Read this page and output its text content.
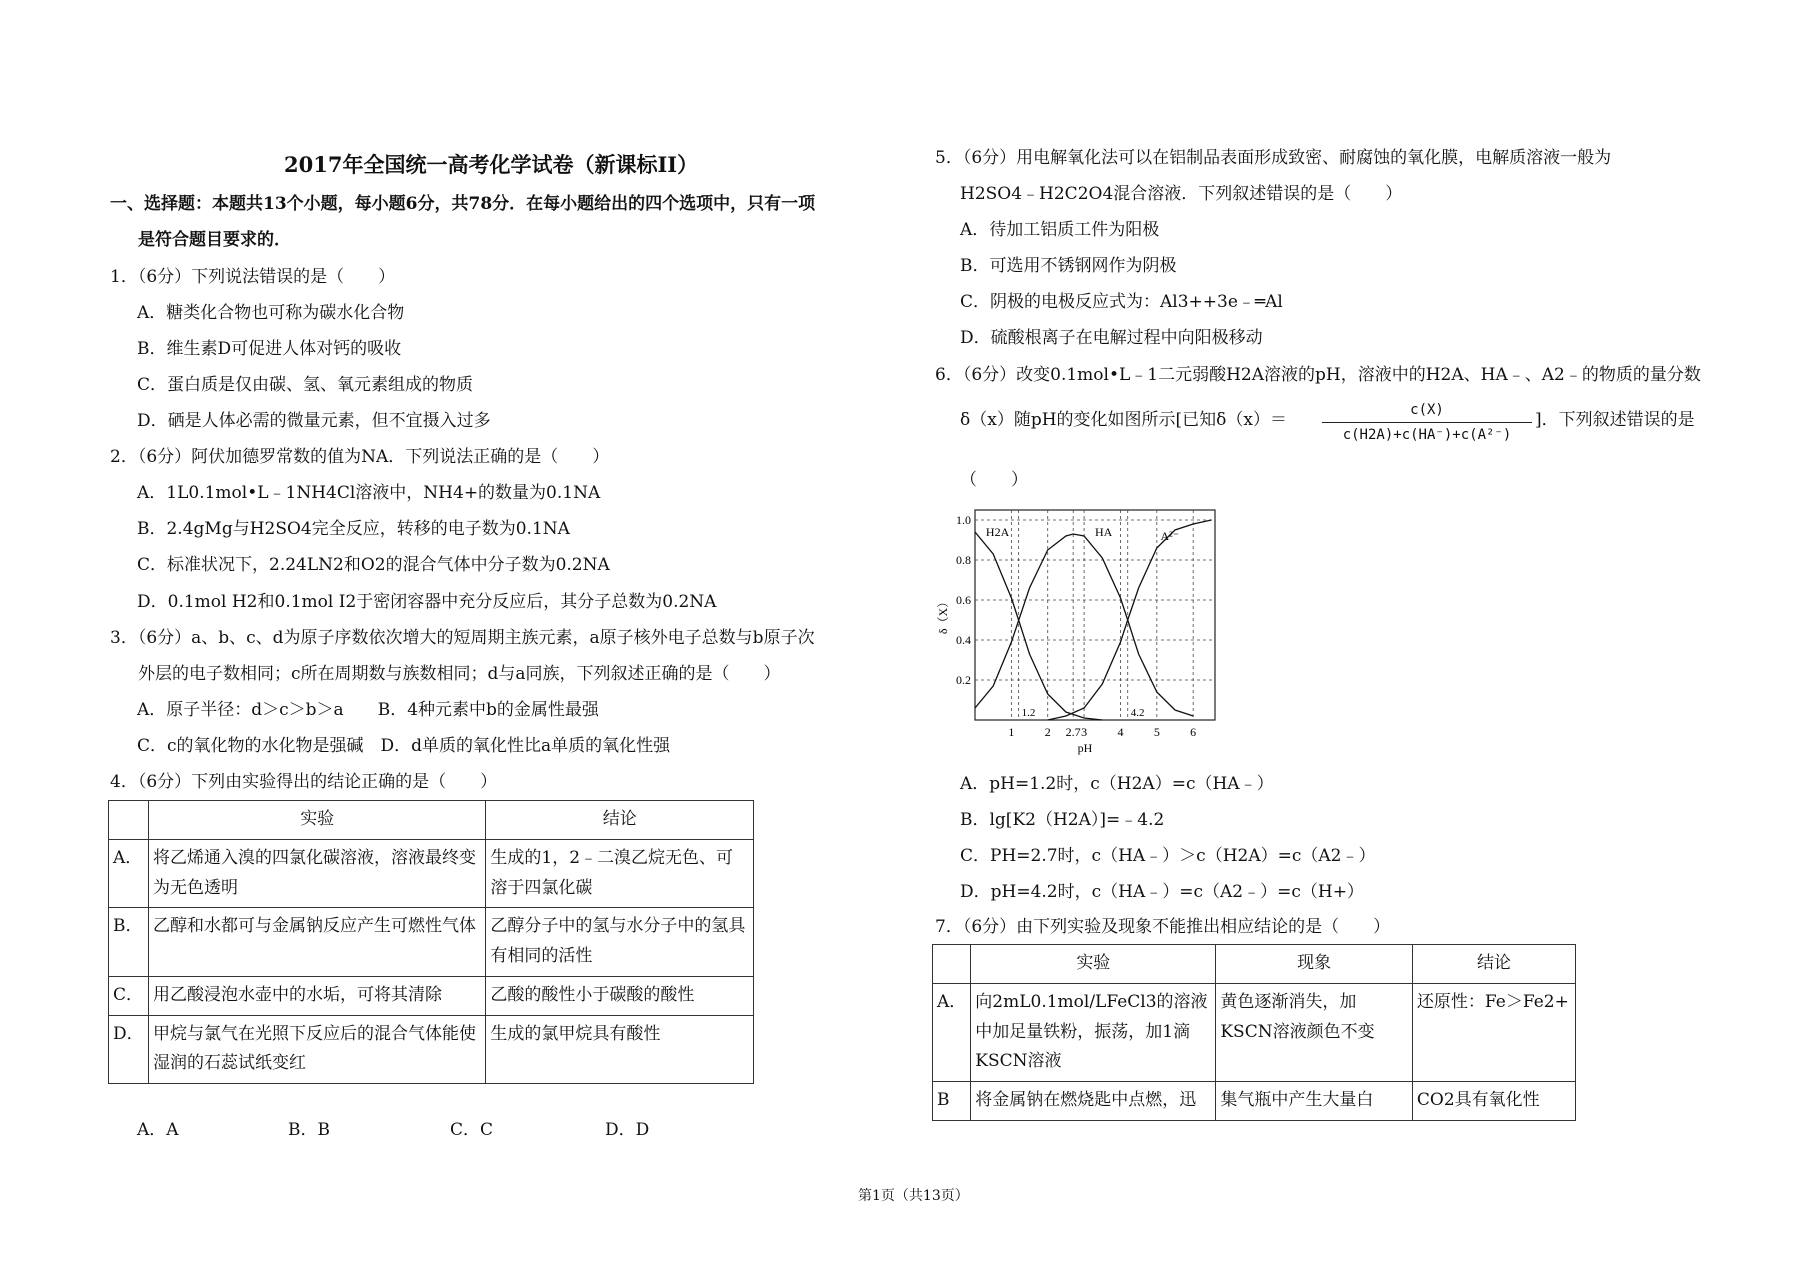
2017年全国统一高考化学试卷（新课标II）
一、选择题：本题共13个小题，每小题6分，共78分．在每小题给出的四个选项中，只有一项
是符合题目要求的．
1．（6分）下列说法错误的是（　　）
A．糖类化合物也可称为碳水化合物
B．维生素D可促进人体对钙的吸收
C．蛋白质是仅由碳、氢、氧元素组成的物质
D．硒是人体必需的微量元素，但不宜摄入过多
2．（6分）阿伏加德罗常数的值为NA．下列说法正确的是（　　）
A．1L0.1mol•L﹣1NH4Cl溶液中，NH4+的数量为0.1NA
B．2.4gMg与H2SO4完全反应，转移的电子数为0.1NA
C．标准状况下，2.24LN2和O2的混合气体中分子数为0.2NA
D．0.1mol H2和0.1mol I2于密闭容器中充分反应后，其分子总数为0.2NA
3．（6分）a、b、c、d为原子序数依次增大的短周期主族元素，a原子核外电子总数与b原子次
外层的电子数相同；c所在周期数与族数相同；d与a同族，下列叙述正确的是（　　）
A．原子半径：d＞c＞b＞a　　B．4种元素中b的金属性最强
C．c的氧化物的水化物是强碱　D．d单质的氧化性比a单质的氧化性强
4．（6分）下列由实验得出的结论正确的是（　　）
	实验	结论
A．	将乙烯通入溴的四氯化碳溶液，溶液最终变为无色透明	生成的1，2﹣二溴乙烷无色、可溶于四氯化碳
B．	乙醇和水都可与金属钠反应产生可燃性气体	乙醇分子中的氢与水分子中的氢具有相同的活性
C．	用乙酸浸泡水壶中的水垢，可将其清除	乙酸的酸性小于碳酸的酸性
D．	甲烷与氯气在光照下反应后的混合气体能使湿润的石蕊试纸变红	生成的氯甲烷具有酸性
A．A	B．B	C．C	D．D
5．（6分）用电解氧化法可以在铝制品表面形成致密、耐腐蚀的氧化膜，电解质溶液一般为
H2SO4﹣H2C2O4混合溶液．下列叙述错误的是（　　）
A．待加工铝质工件为阳极
B．可选用不锈钢网作为阴极
C．阴极的电极反应式为：Al3++3e﹣═Al
D．硫酸根离子在电解过程中向阳极移动
6．（6分）改变0.1mol•L﹣1二元弱酸H2A溶液的pH，溶液中的H2A、HA﹣、A2﹣的物质的量分数
δ（x）随pH的变化如图所示[已知δ（x）＝	c(X)
c(H2A)+c(HA⁻)+c(A²⁻)
]．下列叙述错误的是
（　　）
H2A	HA	A²⁻
1	2 2.7 3	4	5	6
1.2	4.2
0.2
0.4
0.6
0.8
1.0
pH
δ（X）
A．pH=1.2时，c（H2A）=c（HA﹣）
B．lg[K2（H2A）]=﹣4.2
C．PH=2.7时，c（HA﹣）＞c（H2A）=c（A2﹣）
D．pH=4.2时，c（HA﹣）=c（A2﹣）=c（H+）
7．（6分）由下列实验及现象不能推出相应结论的是（　　）
	实验	现象	结论
A．	向2mL0.1mol/LFeCl3的溶液中加足量铁粉，振荡，加1滴KSCN溶液	黄色逐渐消失，加KSCN溶液颜色不变	还原性：Fe＞Fe2+
B	将金属钠在燃烧匙中点燃，迅	集气瓶中产生大量白	CO2具有氧化性
第1页（共13页）
